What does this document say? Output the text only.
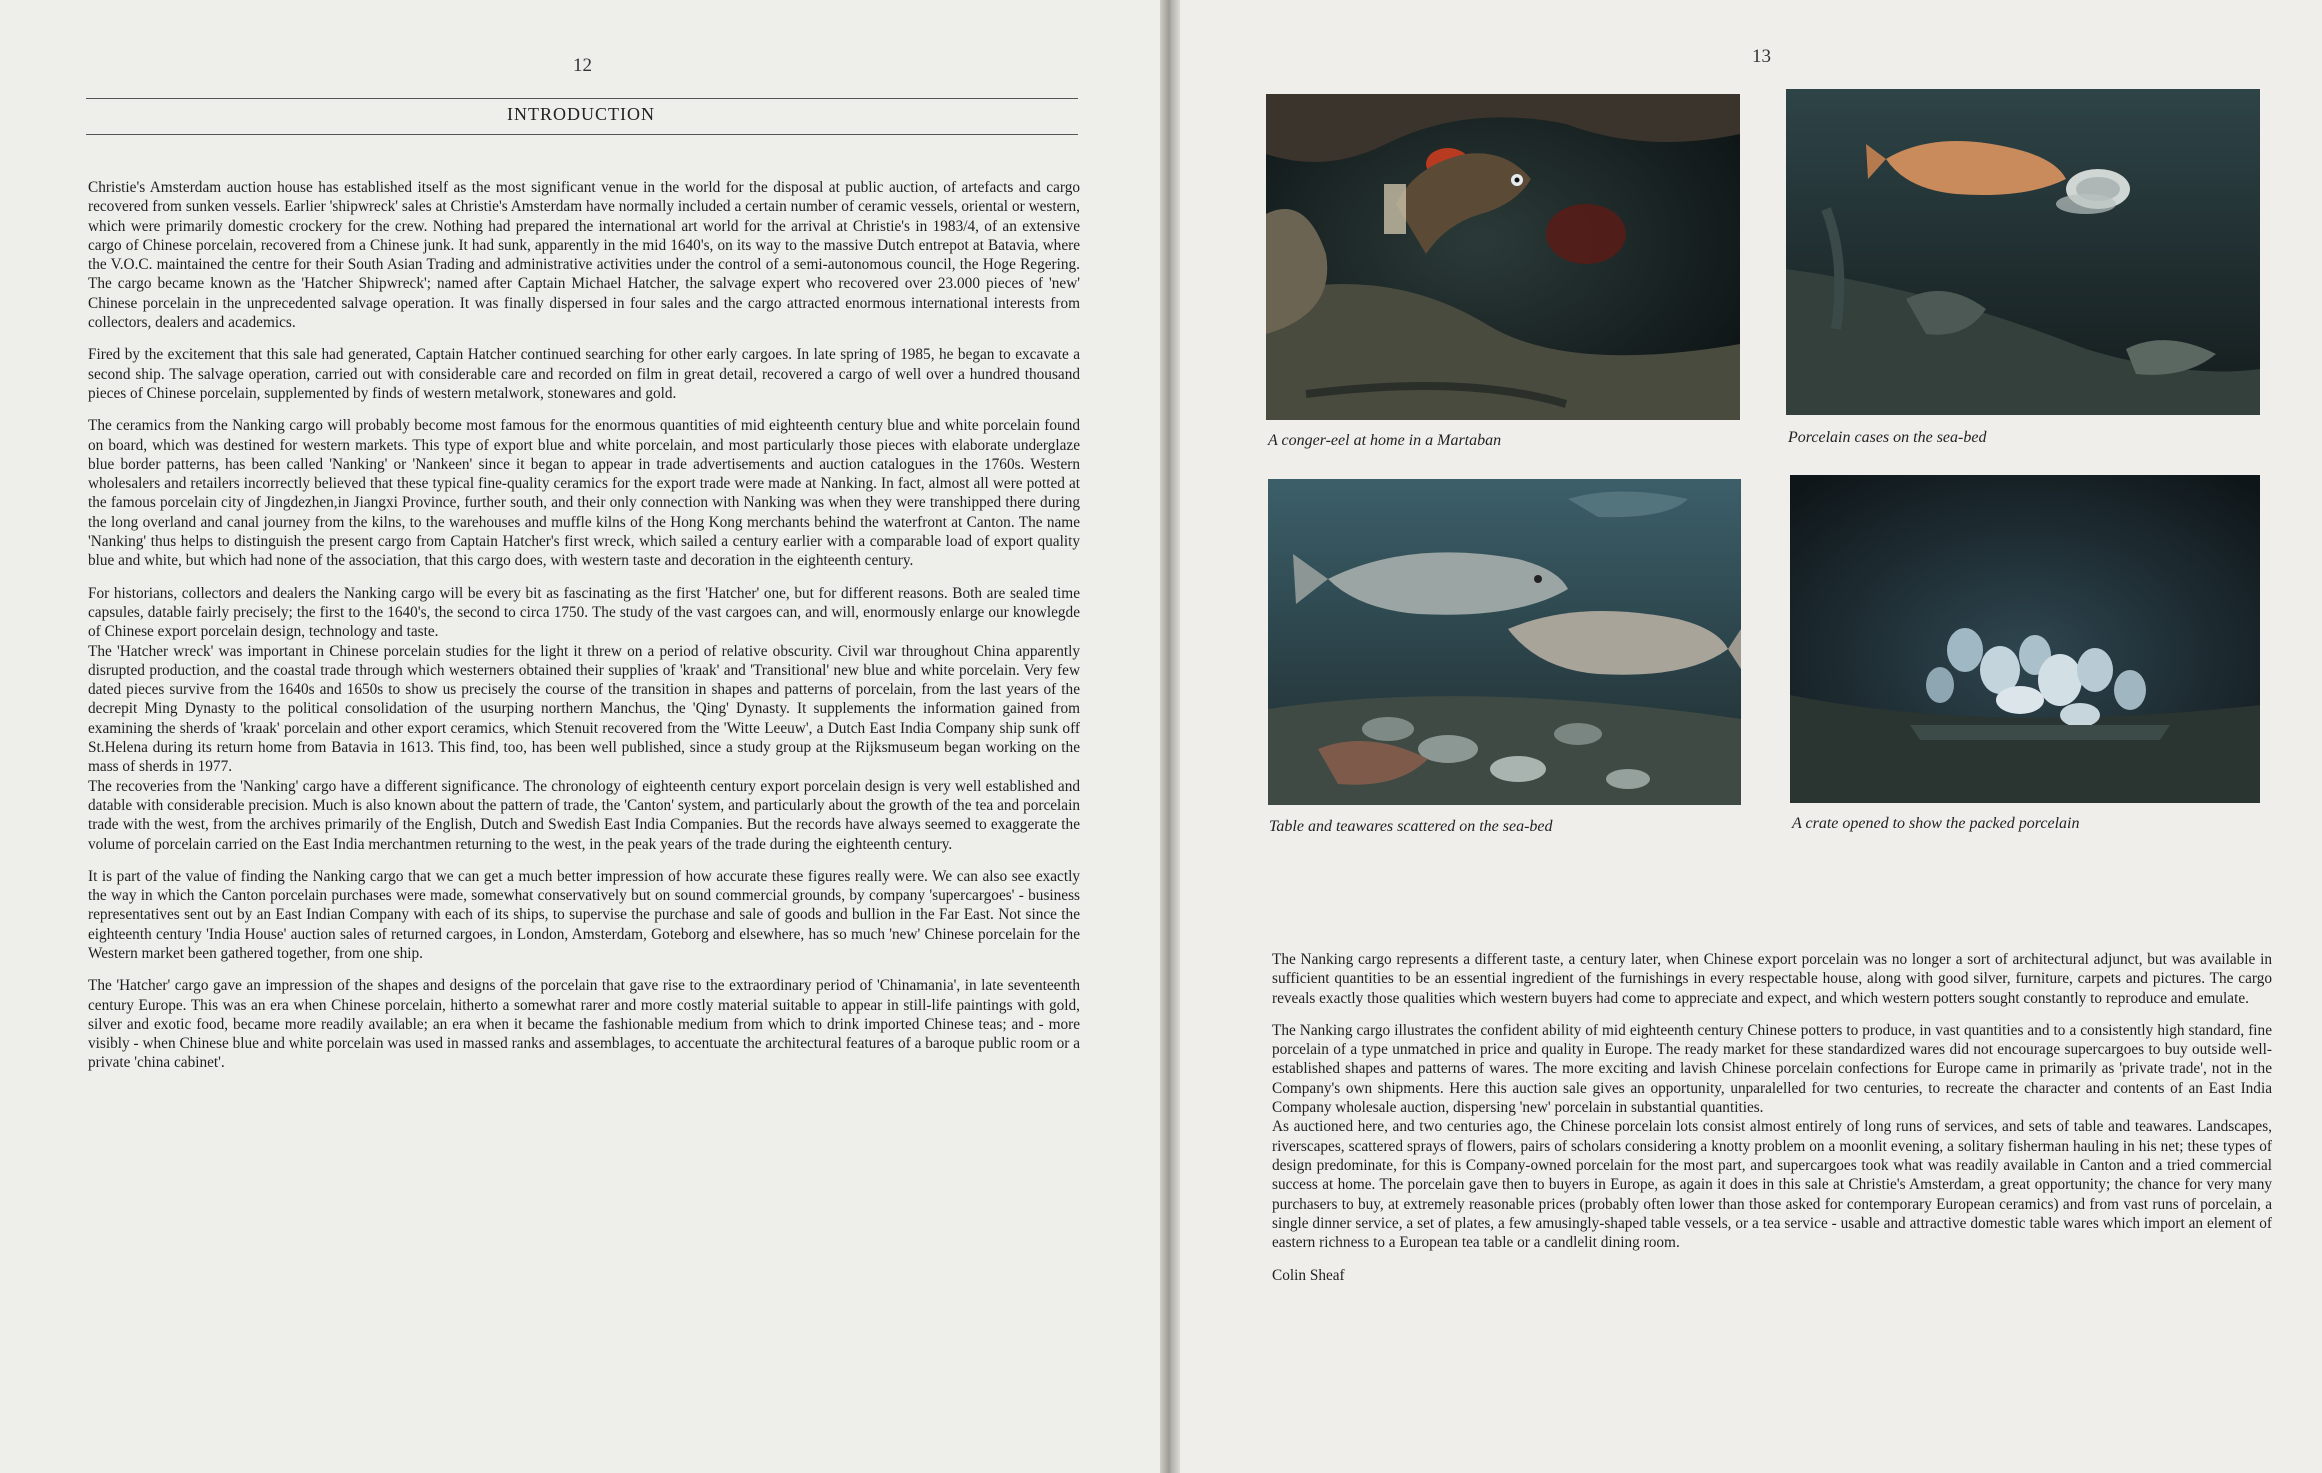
12
INTRODUCTION

Christie's Amsterdam auction house has established itself as the most significant venue in the world for the disposal at public auction, of artefacts and cargo recovered from sunken vessels. Earlier 'shipwreck' sales at Christie's Amsterdam have normally included a certain number of ceramic vessels, oriental or western, which were primarily domestic crockery for the crew. Nothing had prepared the international art world for the arrival at Christie's in 1983/4, of an extensive cargo of Chinese porcelain, recovered from a Chinese junk. It had sunk, apparently in the mid 1640's, on its way to the massive Dutch entrepot at Batavia, where the V.O.C. maintained the centre for their South Asian Trading and administrative activities under the control of a semi-autonomous council, the Hoge Regering. The cargo became known as the 'Hatcher Shipwreck'; named after Captain Michael Hatcher, the salvage expert who recovered over 23.000 pieces of 'new' Chinese porcelain in the unprecedented salvage operation. It was finally dispersed in four sales and the cargo attracted enormous international interests from collectors, dealers and academics.

Fired by the excitement that this sale had generated, Captain Hatcher continued searching for other early cargoes. In late spring of 1985, he began to excavate a second ship. The salvage operation, carried out with considerable care and recorded on film in great detail, recovered a cargo of well over a hundred thousand pieces of Chinese porcelain, supplemented by finds of western metalwork, stonewares and gold.

The ceramics from the Nanking cargo will probably become most famous for the enormous quantities of mid eighteenth century blue and white porcelain found on board, which was destined for western markets. This type of export blue and white porcelain, and most particularly those pieces with elaborate underglaze blue border patterns, has been called 'Nanking' or 'Nankeen' since it began to appear in trade advertisements and auction catalogues in the 1760s. Western wholesalers and retailers incorrectly believed that these typical fine-quality ceramics for the export trade were made at Nanking. In fact, almost all were potted at the famous porcelain city of Jingdezhen,in Jiangxi Province, further south, and their only connection with Nanking was when they were transhipped there during the long overland and canal journey from the kilns, to the warehouses and muffle kilns of the Hong Kong merchants behind the waterfront at Canton. The name 'Nanking' thus helps to distinguish the present cargo from Captain Hatcher's first wreck, which sailed a century earlier with a comparable load of export quality blue and white, but which had none of the association, that this cargo does, with western taste and decoration in the eighteenth century.

For historians, collectors and dealers the Nanking cargo will be every bit as fascinating as the first 'Hatcher' one, but for different reasons. Both are sealed time capsules, datable fairly precisely; the first to the 1640's, the second to circa 1750. The study of the vast cargoes can, and will, enormously enlarge our knowlegde of Chinese export porcelain design, technology and taste.

The 'Hatcher wreck' was important in Chinese porcelain studies for the light it threw on a period of relative obscurity. Civil war throughout China apparently disrupted production, and the coastal trade through which westerners obtained their supplies of 'kraak' and 'Transitional' new blue and white porcelain. Very few dated pieces survive from the 1640s and 1650s to show us precisely the course of the transition in shapes and patterns of porcelain, from the last years of the decrepit Ming Dynasty to the political consolidation of the usurping northern Manchus, the 'Qing' Dynasty. It supplements the information gained from examining the sherds of 'kraak' porcelain and other export ceramics, which Stenuit recovered from the 'Witte Leeuw', a Dutch East India Company ship sunk off St.Helena during its return home from Batavia in 1613. This find, too, has been well published, since a study group at the Rijksmuseum began working on the mass of sherds in 1977.

The recoveries from the 'Nanking' cargo have a different significance. The chronology of eighteenth century export porcelain design is very well established and datable with considerable precision. Much is also known about the pattern of trade, the 'Canton' system, and particularly about the growth of the tea and porcelain trade with the west, from the archives primarily of the English, Dutch and Swedish East India Companies. But the records have always seemed to exaggerate the volume of porcelain carried on the East India merchantmen returning to the west, in the peak years of the trade during the eighteenth century.

It is part of the value of finding the Nanking cargo that we can get a much better impression of how accurate these figures really were. We can also see exactly the way in which the Canton porcelain purchases were made, somewhat conservatively but on sound commercial grounds, by company 'supercargoes' - business representatives sent out by an East Indian Company with each of its ships, to supervise the purchase and sale of goods and bullion in the Far East. Not since the eighteenth century 'India House' auction sales of returned cargoes, in London, Amsterdam, Goteborg and elsewhere, has so much 'new' Chinese porcelain for the Western market been gathered together, from one ship.

The 'Hatcher' cargo gave an impression of the shapes and designs of the porcelain that gave rise to the extraordinary period of 'Chinamania', in late seventeenth century Europe. This was an era when Chinese porcelain, hitherto a somewhat rarer and more costly material suitable to appear in still-life paintings with gold, silver and exotic food, became more readily available; an era when it became the fashionable medium from which to drink imported Chinese teas; and - more visibly - when Chinese blue and white porcelain was used in massed ranks and assemblages, to accentuate the architectural features of a baroque public room or a private 'china cabinet'.

13
A conger-eel at home in a Martaban	Porcelain cases on the sea-bed
Table and teawares scattered on the sea-bed	A crate opened to show the packed porcelain

The Nanking cargo represents a different taste, a century later, when Chinese export porcelain was no longer a sort of architectural adjunct, but was available in sufficient quantities to be an essential ingredient of the furnishings in every respectable house, along with good silver, furniture, carpets and pictures. The cargo reveals exactly those qualities which western buyers had come to appreciate and expect, and which western potters sought constantly to reproduce and emulate.

The Nanking cargo illustrates the confident ability of mid eighteenth century Chinese potters to produce, in vast quantities and to a consistently high standard, fine porcelain of a type unmatched in price and quality in Europe. The ready market for these standardized wares did not encourage supercargoes to buy outside well-established shapes and patterns of wares. The more exciting and lavish Chinese porcelain confections for Europe came in primarily as 'private trade', not in the Company's own shipments. Here this auction sale gives an opportunity, unparalelled for two centuries, to recreate the character and contents of an East India Company wholesale auction, dispersing 'new' porcelain in substantial quantities.

As auctioned here, and two centuries ago, the Chinese porcelain lots consist almost entirely of long runs of services, and sets of table and teawares. Landscapes, riverscapes, scattered sprays of flowers, pairs of scholars considering a knotty problem on a moonlit evening, a solitary fisherman hauling in his net; these types of design predominate, for this is Company-owned porcelain for the most part, and supercargoes took what was readily available in Canton and a tried commercial success at home. The porcelain gave then to buyers in Europe, as again it does in this sale at Christie's Amsterdam, a great opportunity; the chance for very many purchasers to buy, at extremely reasonable prices (probably often lower than those asked for contemporary European ceramics) and from vast runs of porcelain, a single dinner service, a set of plates, a few amusingly-shaped table vessels, or a tea service - usable and attractive domestic table wares which import an element of eastern richness to a European tea table or a candlelit dining room.

Colin Sheaf
